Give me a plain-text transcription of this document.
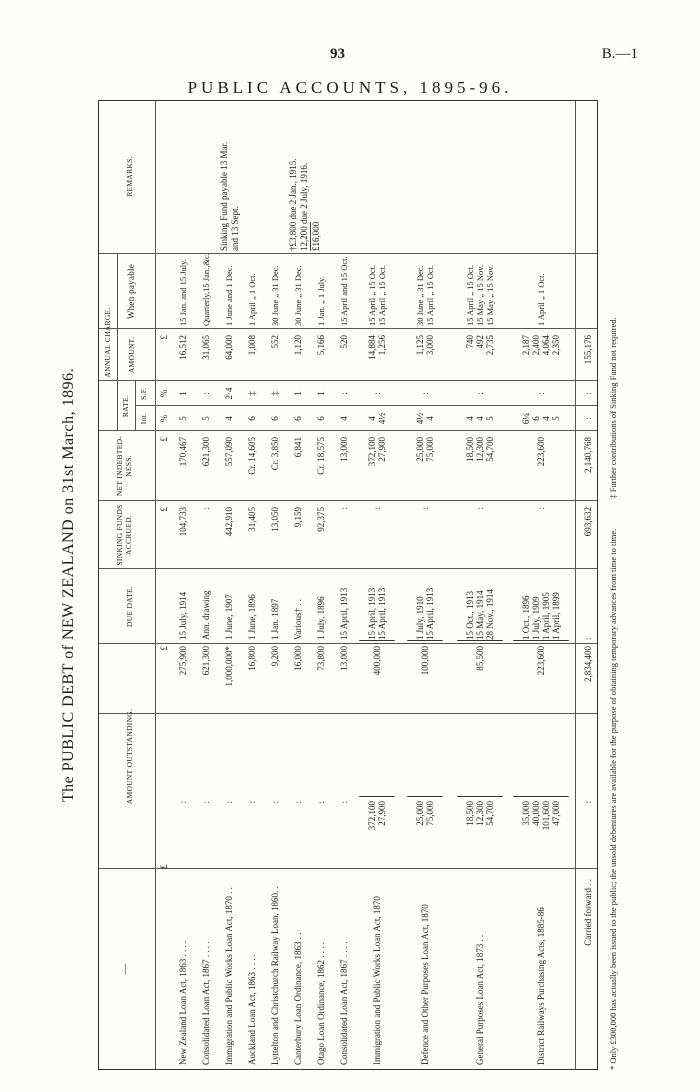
93	B.—1
PUBLIC ACCOUNTS, 1895-96.
The PUBLIC DEBT of NEW ZEALAND on 31st March, 1896.
—
AMOUNT OUTSTANDING.
DUE DATE.
SINKING FUNDS ACCRUED.
NET INDEBTED-NESS.
ANNUAL CHARGE.
RATE.
Int.
S.F.
AMOUNT.
When payable
REMARKS.
£
£
£
£
%
%
£
New Zealand Loan Act, 1863 . . . .
:
275,900
15 July, 1914
104,733
170,467
5
1
16,512
15 Jan. and 15 July.
Consolidated Loan Act, 1867 . . . .
:
621,300
Ann. drawing
:
621,300
5
:
31,065
Quarterly,15 Jan.,&c.
Immigration and Public Works Loan Act, 1870 . .
:
1,000,000*
1 June, 1907
442,910
557,090
4
2·4
64,000
1 June and 1 Dec.
Auckland Loan Act, 1863 . . . .
:
16,800
1 June, 1896
31,405
Cr. 14,605
6
‡
1,008
1 April „ 1 Oct.
Lyttelton and Christchurch Railway Loan, 1860. .
:
9,200
1 Jan. 1897
13,050
Cr. 3,850
6
‡
552
30 June „ 31 Dec.
Canterbury Loan Ordinance, 1863 . .
:
16,000
Various† . .
9,159
6,841
6
1
1,120
30 June „ 31 Dec.
Otago Loan Ordinance, 1862 . . . .
:
73,800
1 July, 1896
92,375
Cr. 18,575
6
1
5,166
1 Jan. „ 1 July.
Consolidated Loan Act, 1867 . . . .
:
13,000
15 April, 1913
:
13,000
4
:
520
15 April and 15 Oct.
Immigration and Public Works Loan Act, 1870
372,100 27,900
400,000
15 April, 1913 15 April, 1913
:
372,100 27,900
4 4½
:
14,884 1,256
15 April „ 15 Oct. 15 April „ 15 Oct.
Defence and Other Purposes Loan Act, 1870
25,000 75,000
100,000
1 July, 1910 15 April, 1913
:
25,000 75,000
4½ 4
:
1,125 3,000
30 June „ 31 Dec. 15 April „ 15 Oct.
General Purposes Loan Act, 1873 . .
18,500 12,300 54,700
85,500
15 Oct., 1913 15 May, 1914 28 Nov., 1914
:
18,500 12,300 54,700
4 4 5
:
740 492 2,735
15 April „ 15 Oct. 15 May „ 15 Nov. 15 May „ 15 Nov.
District Railways Purchasing Acts, 1885-86
35,000 40,000 101,600 47,000
223,600
1 Oct., 1896 1 July, 1909 1 April, 1905 1 April, 1899
:
223,600
6¼ 6 4 5
:
2,187 2,400 4,064 2,350
1 April „ 1 Oct.
Carried forward . .
:
2,834,400
:
693,632
2,140,768
:
:
155,176
Sinking Fund payable 13 Mar. and 13 Sept.	†£3,800 due 2 Jan., 1915. 12,200 due 2 July, 1916. £16,000
* Only £300,000 has actually been issued to the public; the unsold debentures are available for the purpose of obtaining temporary advances from time to time. ‡ Further contributions of Sinking Fund not required.
